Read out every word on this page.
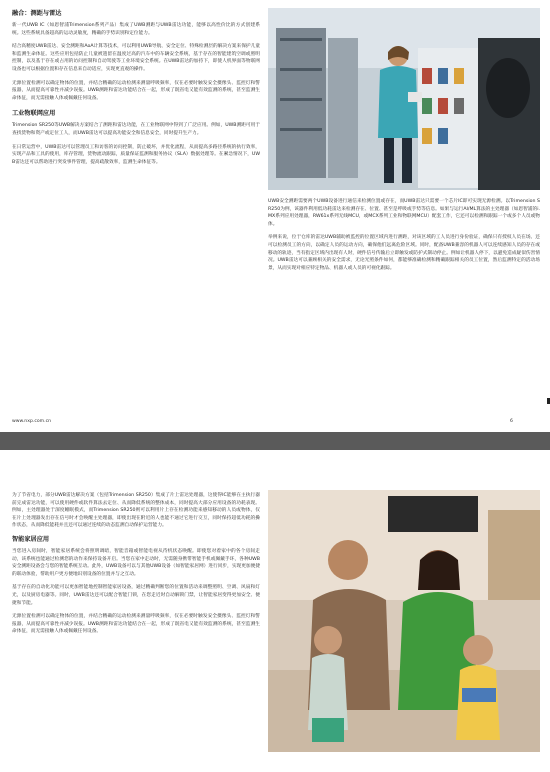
融合：测距与雷达

新一代UWB IC（如恩智浦Trimension系列产品）集成了UWB测距与UWB雷达功能，能够以高性价比的方式创建系统。这些系统具备超高的运动灵敏度，精确的手势识别和定位能力。

结合高精度UWB雷达、安全测距和AoA计算等技术，可以利用UWB导航、安全定位、特殊检测层的解决方案来保护儿童和监测生命体征。这些应用包括防止儿童被遗留在温度过高的汽车中的车辆安全系统，基于存在的智能建筑空调或照明控制，以及基于存在或占用的访问控制和自动驾驶等工业环境安全系统。在UWB雷达的加持下，即使人机界面等物联网设备也可以根据位置和存在信息来自动适应，实现更直观的操作。

无源位置检测可以确定物体的位置，并结合精确的运动检测来测量呼吸频率，仅在必要时触发安全摄像头、监控灯和警报器，从而提高可靠性并减少误报。UWB测距和雷达功能结合在一起，形成了既省电又能有效监测的系统，甚至监测生命体征，而无需接触人体或佩戴任何设备。

工业物联网应用

Trimension SR250等UWB解决方案结合了测距和雷达功能，在工业物联网中得到了广泛应用。例如，UWB测距可用于查找货物和资产或定位工人，而UWB雷达可以提高功能安全和信息安全，同时提升生产力。

在日常运营中，UWB雷达可以管理员工和访客的访问控制，防止破坏，并优化流程，从而提高多路径系统的执行效率，实现产品和工具的使用，库存管理，货物流动跟踪，质量保证监测和服务协议（SLA）数据处理等。在紧急情况下，UWB雷达还可以帮助进行突发事件管理，提高疏散效率，监测生命体征等。

UWB安全测距需要两个UWB设备进行通信来检测位置或存在，而UWB雷达只需要一个芯片IC即可实现无源检测。以Trimension SR250为例，该器件利用低功耗雷达来检测存在、位置、甚至是呼吸或手势等信息。如果与运行AI/ML算法的主处理器（如恩智浦的i.MX系列应用处理器，RW61x系列无线MCU，或MCX系列工业和物联网MCU）配套工作，它还可以检测和跟踪一个或多个人员或物体。

举例来说，位于仓库的雷达UWB辅助被监控的位置区域内进行测距，对该区域的工人员进行身份验证，确保只有授权人员在场。还可以检测员工的方向，以确定人员的运动方向，确保他们远离危险区域。同时，配备UWB兼容的机器人可以连续感知人员的存在或移动的轨迹，当有指定区域内出现有人时，硬件信号传输后立即触发或防护式制动停止。例如让机器人停下，以避免造成疑似伤害情况。UWB雷达可以兼顾相关的安全需求，无论光照条件如何，都能够准确检测和精确跟踪相关的员工位置，然后监测特定的活动场景，从而实现对相应特定物品、机器人或人员的可视化跟踪。

www.nxp.com.cn	6

为了节省电力，部分UWB雷达解决方案（包括Trimension SR250）集成了片上雷达处理器，这使得IC能够在主执行器前完成雷达功能，可以使用硬件或软件算法去定位、从而降低系统的整体成本，同时提高大部分应用设备的功耗表现。例如，主处理器处于深度睡眠模式，而Trimension SR250则可以利用片上存在检测功能来感知移动的人员或物体，仅在片上处理器发出存在信号时才会唤醒主处理器，即使出现在附近的人也能不通过它进行交互，同时保持超低功耗的操作状态，从而降低能耗并且还可以通过连续的动态监测自动保护运营能力。

智能家居应用

当您进入房间时，智能家居系统会将照明调暗，智能音箱或智能电视从待机状态唤醒。即使您对着家中的各个房间走动，该系统也能通过检测您的动作来保持设备开启。当您在家中走动时，无需随身携带智能手机或佩戴手环，各种UWB安全测距设备会与您的智能系统互动。此外，UWB设备可以与其他UWB设备（如智能家居网）进行同步，实现更加便捷的联动体验，帮助用户更方便地识别设备的位置并与之互动。

基于存在的自动化功能可以更加智能地控制智能家居设备，通过精确判断您的位置和活动来调整照明、空调、风扇和灯光，以及厨房电器等。同时，UWB雷达还可以配合智能门锁，在您走近时自动解锁门禁，让智能家居变得更加安全、便捷和节能。

无源位置检测可以确定物体的位置，并结合精确的运动检测来测量呼吸频率，仅在必要时触发安全摄像头、监控灯和警报器，从而提高可靠性并减少误报。UWB测距和雷达功能结合在一起，形成了既省电又能有效监测的系统，甚至监测生命体征，而无需接触人体或佩戴任何设备。
